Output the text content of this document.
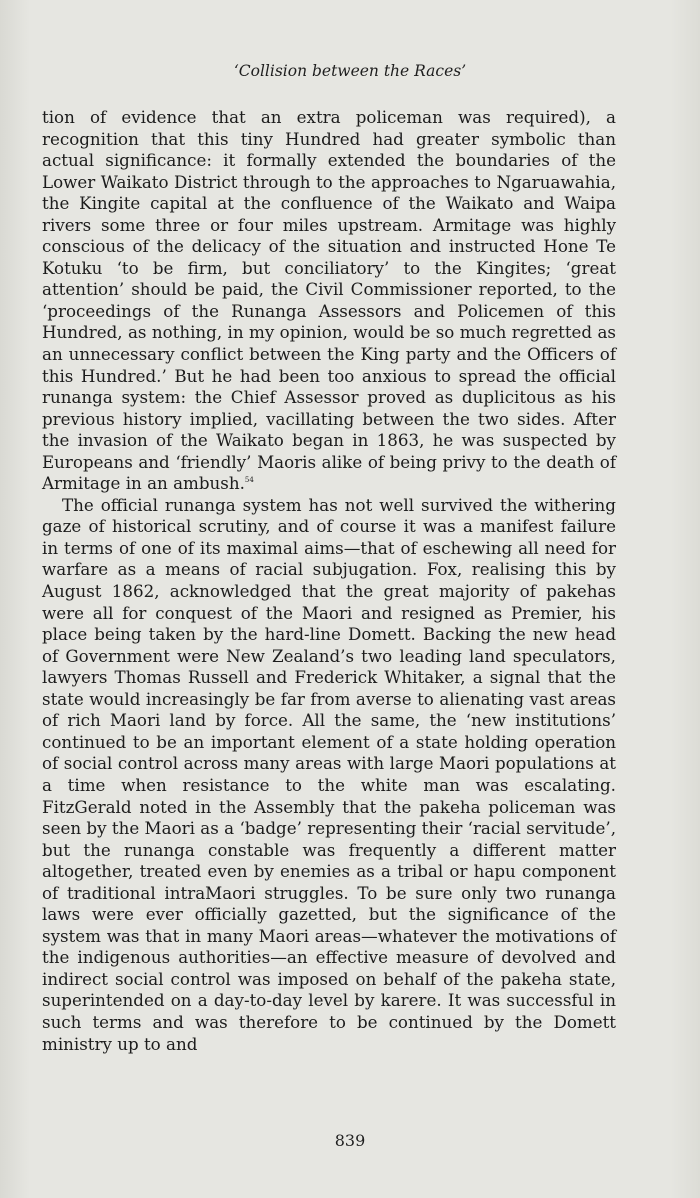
‘Collision between the Races’

tion of evidence that an extra policeman was required), a recognition that this tiny Hundred had greater symbolic than actual significance: it formally extended the boundaries of the Lower Waikato District through to the approaches to Ngaruawahia, the Kingite capital at the confluence of the Waikato and Waipa rivers some three or four miles upstream. Armitage was highly conscious of the delicacy of the situation and instructed Hone Te Kotuku ‘to be firm, but conciliatory’ to the Kingites; ‘great attention’ should be paid, the Civil Commissioner reported, to the ‘proceedings of the Runanga Assessors and Policemen of this Hundred, as nothing, in my opinion, would be so much regretted as an unnecessary conflict between the King party and the Officers of this Hundred.’ But he had been too anxious to spread the official runanga system: the Chief Assessor proved as duplicitous as his previous history implied, vacillating between the two sides. After the invasion of the Waikato began in 1863, he was suspected by Europeans and ‘friendly’ Maoris alike of being privy to the death of Armitage in an ambush.$^{54}$

The official runanga system has not well survived the withering gaze of historical scrutiny, and of course it was a manifest failure in terms of one of its maximal aims—that of eschewing all need for warfare as a means of racial subjugation. Fox, realising this by August 1862, acknowledged that the great majority of pakehas were all for conquest of the Maori and resigned as Premier, his place being taken by the hard-line Domett. Backing the new head of Government were New Zealand’s two leading land speculators, lawyers Thomas Russell and Frederick Whitaker, a signal that the state would increasingly be far from averse to alienating vast areas of rich Maori land by force. All the same, the ‘new institutions’ continued to be an important element of a state holding operation of social control across many areas with large Maori populations at a time when resistance to the white man was escalating. FitzGerald noted in the Assembly that the pakeha policeman was seen by the Maori as a ‘badge’ representing their ‘racial servitude’, but the runanga constable was frequently a different matter altogether, treated even by enemies as a tribal or hapu component of traditional intraMaori struggles. To be sure only two runanga laws were ever officially gazetted, but the significance of the system was that in many Maori areas—whatever the motivations of the indigenous authorities—an effective measure of devolved and indirect social control was imposed on behalf of the pakeha state, superintended on a day-to-day level by karere. It was successful in such terms and was therefore to be continued by the Domett ministry up to and

839
